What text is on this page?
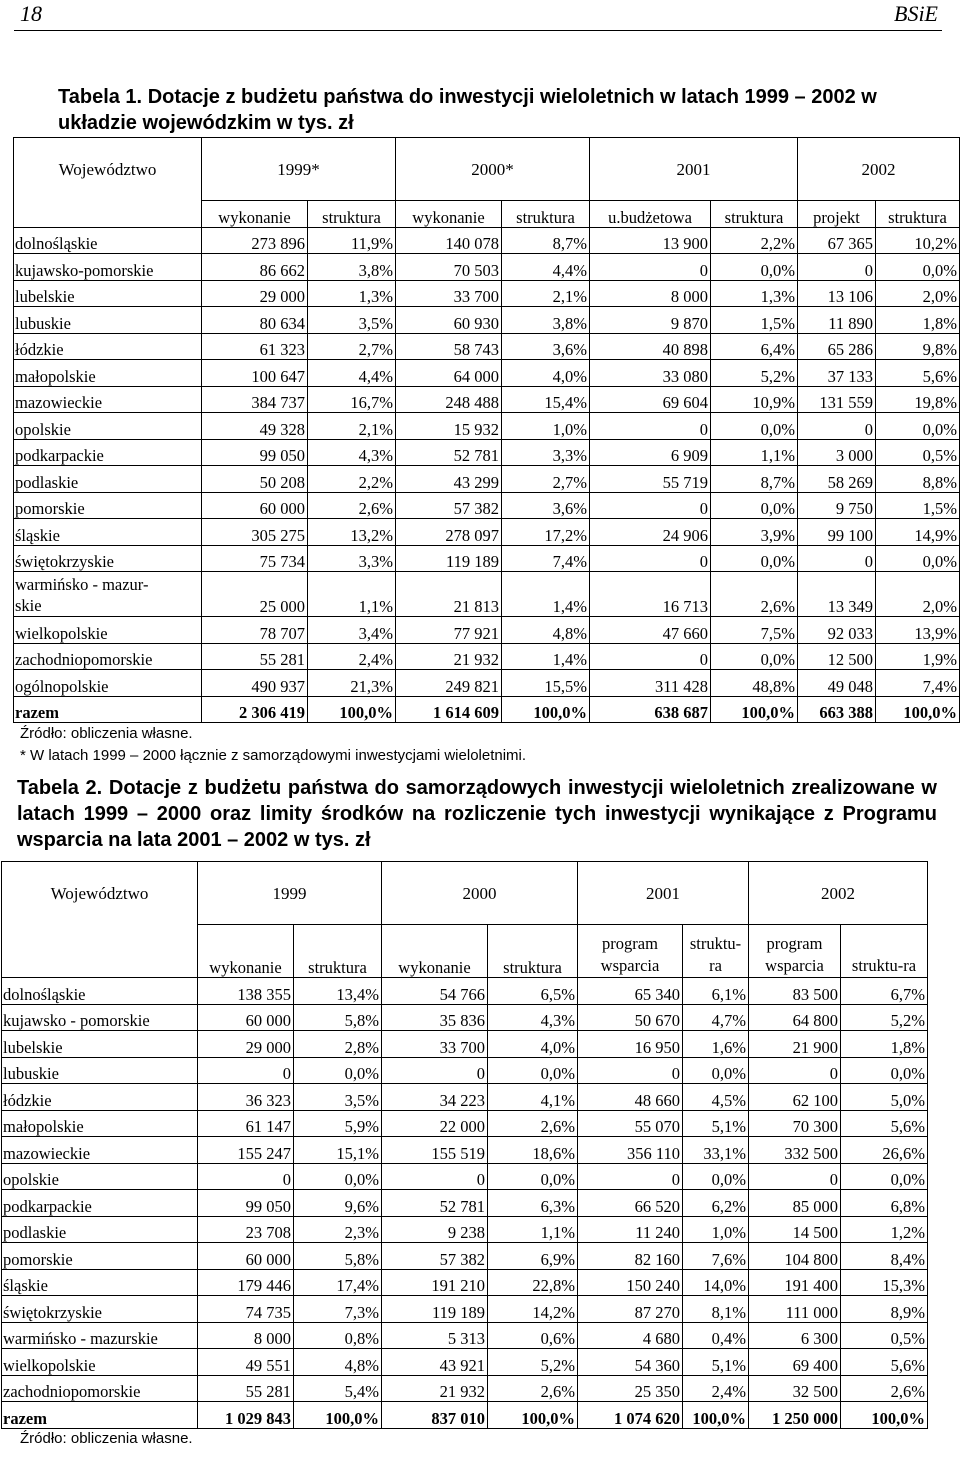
18	BSiE
Tabela 1. Dotacje z budżetu państwa do inwestycji wieloletnich w latach 1999 – 2002 w układzie wojewódzkim w tys. zł
Województwo	1999*		2000*		2001		2002	
	wykonanie	struktura	wykonanie	struktura	u.budżetowa	struktura	projekt	struktura
dolnośląskie	273 896	11,9%	140 078	8,7%	13 900	2,2%	67 365	10,2%
kujawsko-pomorskie	86 662	3,8%	70 503	4,4%	0	0,0%	0	0,0%
lubelskie	29 000	1,3%	33 700	2,1%	8 000	1,3%	13 106	2,0%
lubuskie	80 634	3,5%	60 930	3,8%	9 870	1,5%	11 890	1,8%
łódzkie	61 323	2,7%	58 743	3,6%	40 898	6,4%	65 286	9,8%
małopolskie	100 647	4,4%	64 000	4,0%	33 080	5,2%	37 133	5,6%
mazowieckie	384 737	16,7%	248 488	15,4%	69 604	10,9%	131 559	19,8%
opolskie	49 328	2,1%	15 932	1,0%	0	0,0%	0	0,0%
podkarpackie	99 050	4,3%	52 781	3,3%	6 909	1,1%	3 000	0,5%
podlaskie	50 208	2,2%	43 299	2,7%	55 719	8,7%	58 269	8,8%
pomorskie	60 000	2,6%	57 382	3,6%	0	0,0%	9 750	1,5%
śląskie	305 275	13,2%	278 097	17,2%	24 906	3,9%	99 100	14,9%
świętokrzyskie	75 734	3,3%	119 189	7,4%	0	0,0%	0	0,0%
warmińsko - mazur-
skie	25 000	1,1%	21 813	1,4%	16 713	2,6%	13 349	2,0%
wielkopolskie	78 707	3,4%	77 921	4,8%	47 660	7,5%	92 033	13,9%
zachodniopomorskie	55 281	2,4%	21 932	1,4%	0	0,0%	12 500	1,9%
ogólnopolskie	490 937	21,3%	249 821	15,5%	311 428	48,8%	49 048	7,4%
razem	2 306 419	100,0%	1 614 609	100,0%	638 687	100,0%	663 388	100,0%
Źródło: obliczenia własne.
* W latach 1999 – 2000 łącznie z samorządowymi inwestycjami wieloletnimi.
Tabela 2. Dotacje z budżetu państwa do samorządowych inwestycji wieloletnich zrealizowane w latach 1999 – 2000 oraz limity środków na rozliczenie tych inwestycji wynikające z Programu wsparcia na lata 2001 – 2002 w tys. zł
Województwo	1999		2000		2001		2002	
	wykonanie	struktura	wykonanie	struktura	program wsparcia	struktu-ra	program wsparcia	struktu-ra
dolnośląskie	138 355	13,4%	54 766	6,5%	65 340	6,1%	83 500	6,7%
kujawsko - pomorskie	60 000	5,8%	35 836	4,3%	50 670	4,7%	64 800	5,2%
lubelskie	29 000	2,8%	33 700	4,0%	16 950	1,6%	21 900	1,8%
lubuskie	0	0,0%	0	0,0%	0	0,0%	0	0,0%
łódzkie	36 323	3,5%	34 223	4,1%	48 660	4,5%	62 100	5,0%
małopolskie	61 147	5,9%	22 000	2,6%	55 070	5,1%	70 300	5,6%
mazowieckie	155 247	15,1%	155 519	18,6%	356 110	33,1%	332 500	26,6%
opolskie	0	0,0%	0	0,0%	0	0,0%	0	0,0%
podkarpackie	99 050	9,6%	52 781	6,3%	66 520	6,2%	85 000	6,8%
podlaskie	23 708	2,3%	9 238	1,1%	11 240	1,0%	14 500	1,2%
pomorskie	60 000	5,8%	57 382	6,9%	82 160	7,6%	104 800	8,4%
śląskie	179 446	17,4%	191 210	22,8%	150 240	14,0%	191 400	15,3%
świętokrzyskie	74 735	7,3%	119 189	14,2%	87 270	8,1%	111 000	8,9%
warmińsko - mazurskie	8 000	0,8%	5 313	0,6%	4 680	0,4%	6 300	0,5%
wielkopolskie	49 551	4,8%	43 921	5,2%	54 360	5,1%	69 400	5,6%
zachodniopomorskie	55 281	5,4%	21 932	2,6%	25 350	2,4%	32 500	2,6%
razem	1 029 843	100,0%	837 010	100,0%	1 074 620	100,0%	1 250 000	100,0%
Źródło: obliczenia własne.
